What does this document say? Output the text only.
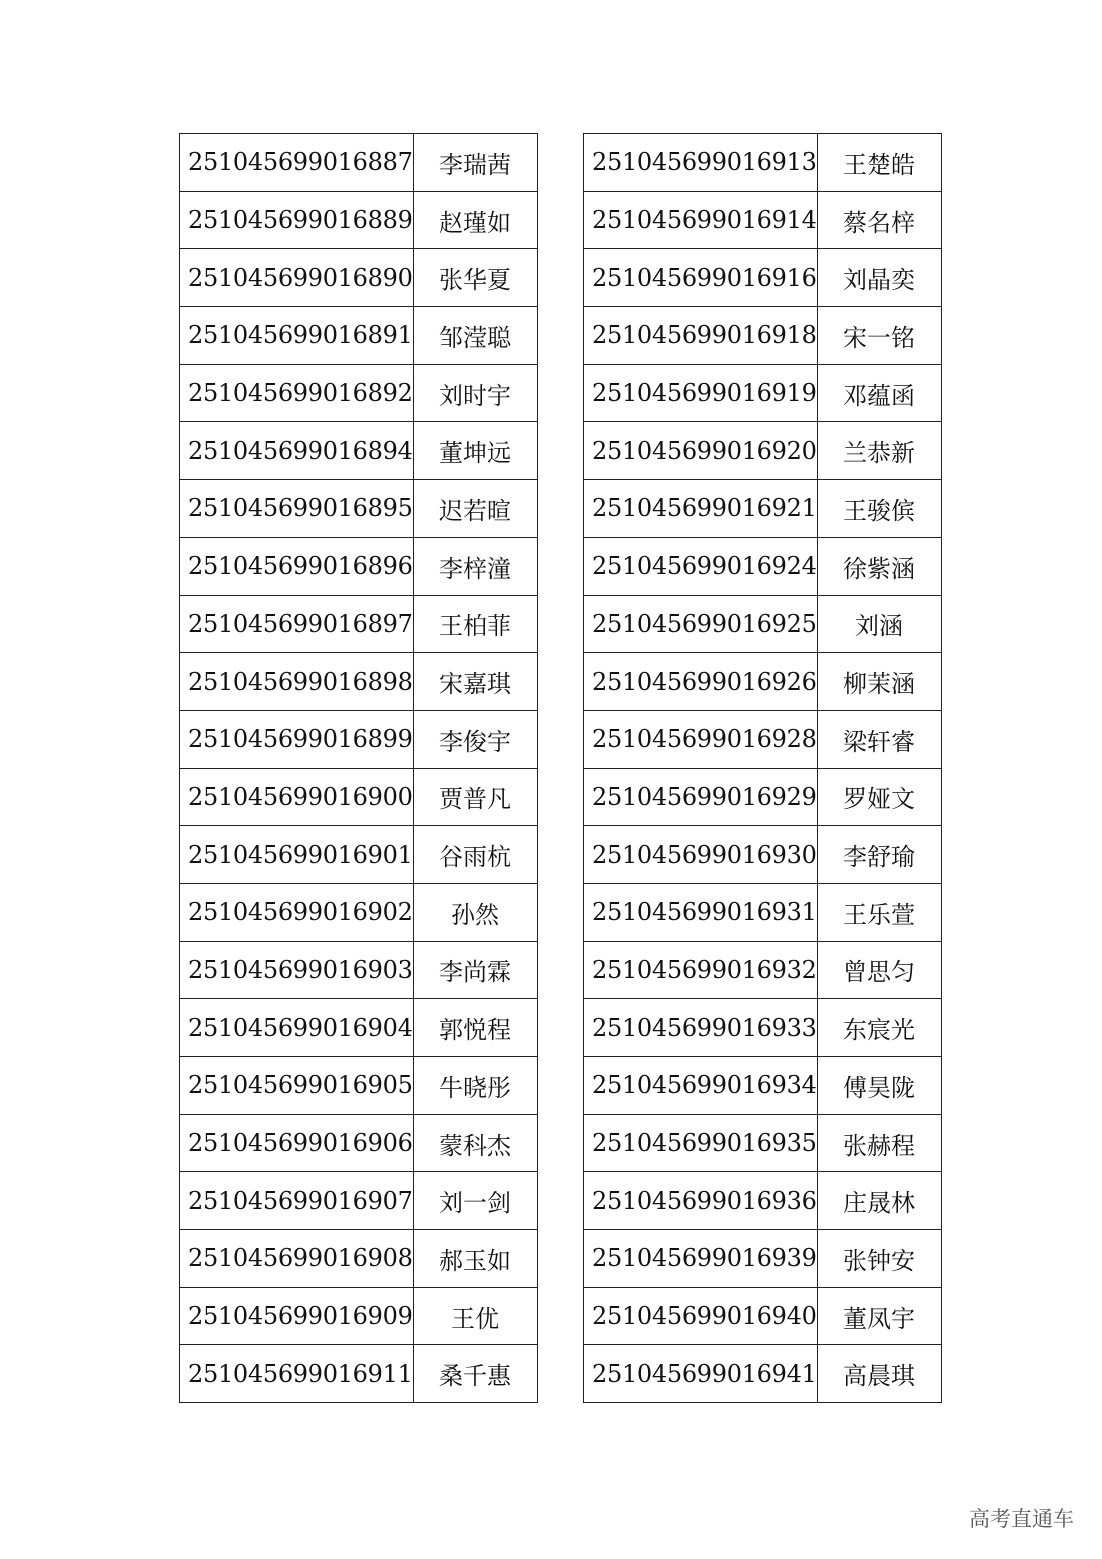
251045699016887	李瑞茜
251045699016889	赵瑾如
251045699016890	张华夏
251045699016891	邹滢聪
251045699016892	刘时宇
251045699016894	董坤远
251045699016895	迟若暄
251045699016896	李梓潼
251045699016897	王柏菲
251045699016898	宋嘉琪
251045699016899	李俊宇
251045699016900	贾普凡
251045699016901	谷雨杭
251045699016902	孙然
251045699016903	李尚霖
251045699016904	郭悦程
251045699016905	牛晓彤
251045699016906	蒙科杰
251045699016907	刘一剑
251045699016908	郝玉如
251045699016909	王优
251045699016911	桑千惠
251045699016913	王楚皓
251045699016914	蔡名梓
251045699016916	刘晶奕
251045699016918	宋一铭
251045699016919	邓蕴函
251045699016920	兰恭新
251045699016921	王骏傧
251045699016924	徐紫涵
251045699016925	刘涵
251045699016926	柳茉涵
251045699016928	梁轩睿
251045699016929	罗娅文
251045699016930	李舒瑜
251045699016931	王乐萱
251045699016932	曾思匀
251045699016933	东宸光
251045699016934	傅昊陇
251045699016935	张赫程
251045699016936	庄晟林
251045699016939	张钟安
251045699016940	董凤宇
251045699016941	高晨琪
高考直通车
